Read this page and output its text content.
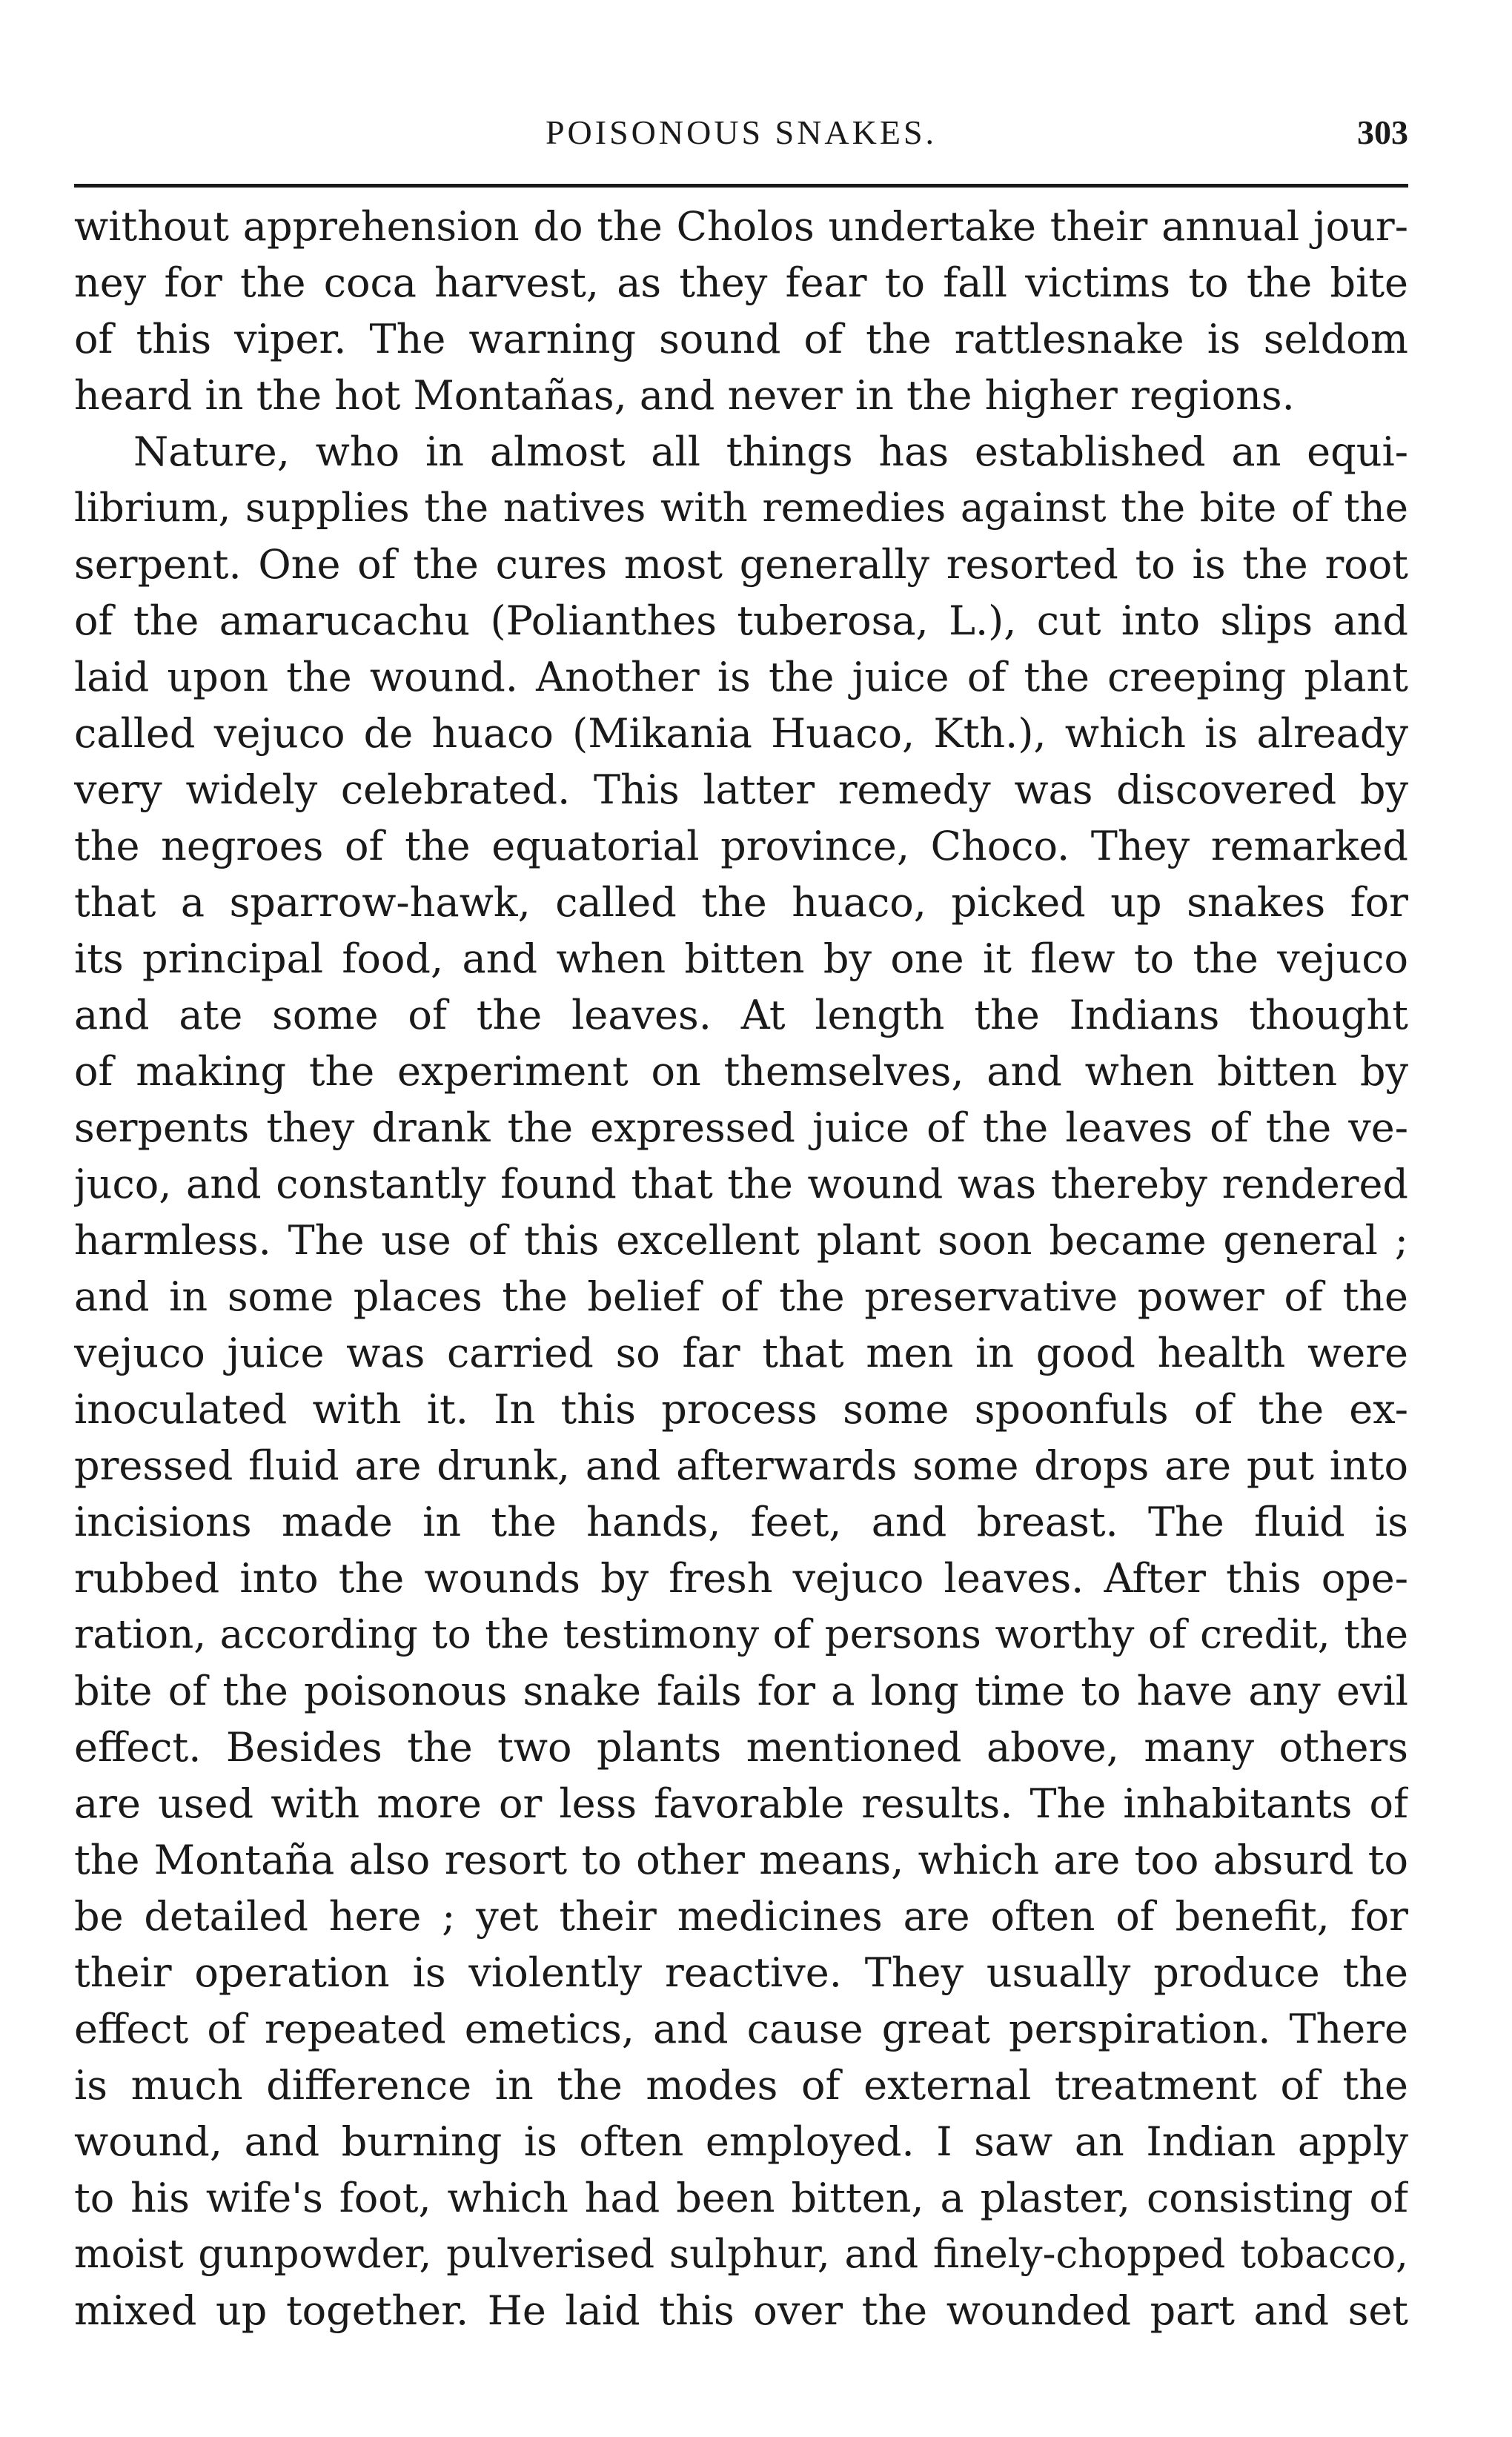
POISONOUS SNAKES.	303
without apprehension do the Cholos undertake their annual jour-
ney for the coca harvest, as they fear to fall victims to the bite
of this viper. The warning sound of the rattlesnake is seldom
heard in the hot Montañas, and never in the higher regions.
Nature, who in almost all things has established an equi-
librium, supplies the natives with remedies against the bite of the
serpent. One of the cures most generally resorted to is the root
of the amarucachu (Polianthes tuberosa, L.), cut into slips and
laid upon the wound. Another is the juice of the creeping plant
called vejuco de huaco (Mikania Huaco, Kth.), which is already
very widely celebrated. This latter remedy was discovered by
the negroes of the equatorial province, Choco. They remarked
that a sparrow-hawk, called the huaco, picked up snakes for
its principal food, and when bitten by one it flew to the vejuco
and ate some of the leaves. At length the Indians thought
of making the experiment on themselves, and when bitten by
serpents they drank the expressed juice of the leaves of the ve-
juco, and constantly found that the wound was thereby rendered
harmless. The use of this excellent plant soon became general ;
and in some places the belief of the preservative power of the
vejuco juice was carried so far that men in good health were
inoculated with it. In this process some spoonfuls of the ex-
pressed fluid are drunk, and afterwards some drops are put into
incisions made in the hands, feet, and breast. The fluid is
rubbed into the wounds by fresh vejuco leaves. After this ope-
ration, according to the testimony of persons worthy of credit, the
bite of the poisonous snake fails for a long time to have any evil
effect. Besides the two plants mentioned above, many others
are used with more or less favorable results. The inhabitants of
the Montaña also resort to other means, which are too absurd to
be detailed here ; yet their medicines are often of benefit, for
their operation is violently reactive. They usually produce the
effect of repeated emetics, and cause great perspiration. There
is much difference in the modes of external treatment of the
wound, and burning is often employed. I saw an Indian apply
to his wife's foot, which had been bitten, a plaster, consisting of
moist gunpowder, pulverised sulphur, and finely-chopped tobacco,
mixed up together. He laid this over the wounded part and set
